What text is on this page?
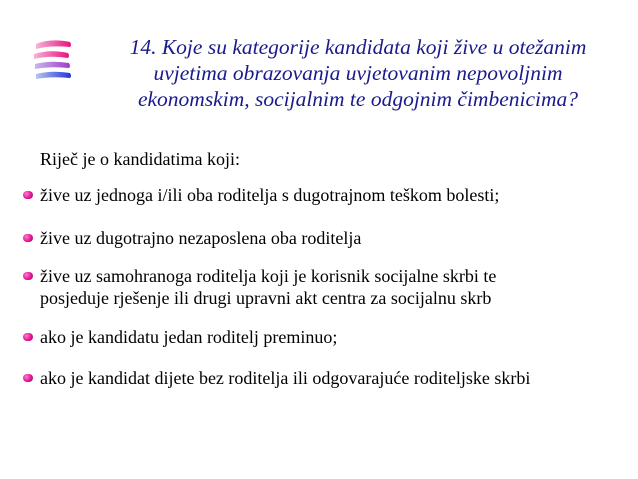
14. Koje su kategorije kandidata koji žive u otežanim
uvjetima obrazovanja uvjetovanim nepovoljnim
ekonomskim, socijalnim te odgojnim čimbenicima?
Riječ je o kandidatima koji:
žive uz jednoga i/ili oba roditelja s dugotrajnom teškom bolesti;
žive uz dugotrajno nezaposlena oba roditelja
žive uz samohranoga roditelja koji je korisnik socijalne skrbi te
posjeduje rješenje ili drugi upravni akt centra za socijalnu skrb
ako je kandidatu jedan roditelj preminuo;
ako je kandidat dijete bez roditelja ili odgovarajuće roditeljske skrbi
